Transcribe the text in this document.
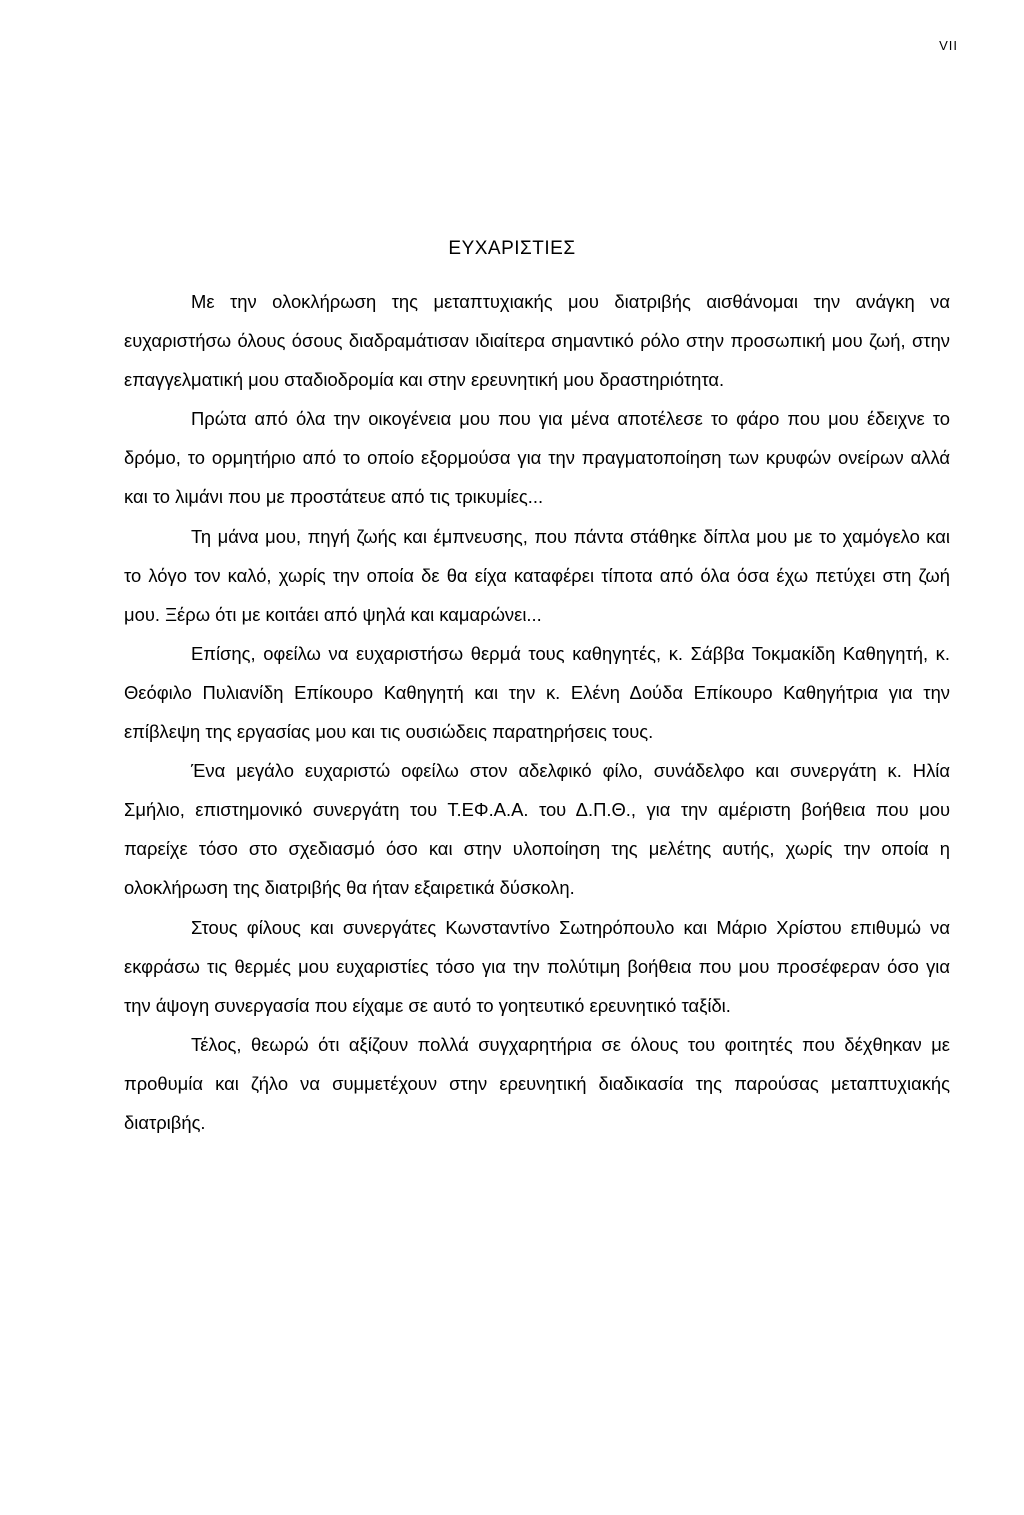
VII
ΕΥΧΑΡΙΣΤΙΕΣ

Με την ολοκλήρωση της μεταπτυχιακής μου διατριβής αισθάνομαι την ανάγκη να ευχαριστήσω όλους όσους διαδραμάτισαν ιδιαίτερα σημαντικό ρόλο στην προσωπική μου ζωή, στην επαγγελματική μου σταδιοδρομία και στην ερευνητική μου δραστηριότητα.

Πρώτα από όλα την οικογένεια μου που για μένα αποτέλεσε το φάρο που μου έδειχνε το δρόμο, το ορμητήριο από το οποίο εξορμούσα για την πραγματοποίηση των κρυφών ονείρων αλλά και το λιμάνι που με προστάτευε από τις τρικυμίες...

Τη μάνα μου, πηγή ζωής και έμπνευσης, που πάντα στάθηκε δίπλα μου με το χαμόγελο και το λόγο τον καλό, χωρίς την οποία δε θα είχα καταφέρει τίποτα από όλα όσα έχω πετύχει στη ζωή μου. Ξέρω ότι με κοιτάει από ψηλά και καμαρώνει...

Επίσης, οφείλω να ευχαριστήσω θερμά τους καθηγητές, κ. Σάββα Τοκμακίδη Καθηγητή, κ. Θεόφιλο Πυλιανίδη Επίκουρο Καθηγητή και την κ. Ελένη Δούδα Επίκουρο Καθηγήτρια για την επίβλεψη της εργασίας μου και τις ουσιώδεις παρατηρήσεις τους.

Ένα μεγάλο ευχαριστώ οφείλω στον αδελφικό φίλο, συνάδελφο και συνεργάτη κ. Ηλία Σμήλιο, επιστημονικό συνεργάτη του Τ.ΕΦ.Α.Α. του Δ.Π.Θ., για την αμέριστη βοήθεια που μου παρείχε τόσο στο σχεδιασμό όσο και στην υλοποίηση της μελέτης αυτής, χωρίς την οποία η ολοκλήρωση της διατριβής θα ήταν εξαιρετικά δύσκολη.

Στους φίλους και συνεργάτες Κωνσταντίνο Σωτηρόπουλο και Μάριο Χρίστου επιθυμώ να εκφράσω τις θερμές μου ευχαριστίες τόσο για την πολύτιμη βοήθεια που μου προσέφεραν όσο για την άψογη συνεργασία που είχαμε σε αυτό το γοητευτικό ερευνητικό ταξίδι.

Τέλος, θεωρώ ότι αξίζουν πολλά συγχαρητήρια σε όλους του φοιτητές που δέχθηκαν με προθυμία και ζήλο να συμμετέχουν στην ερευνητική διαδικασία της παρούσας μεταπτυχιακής διατριβής.
